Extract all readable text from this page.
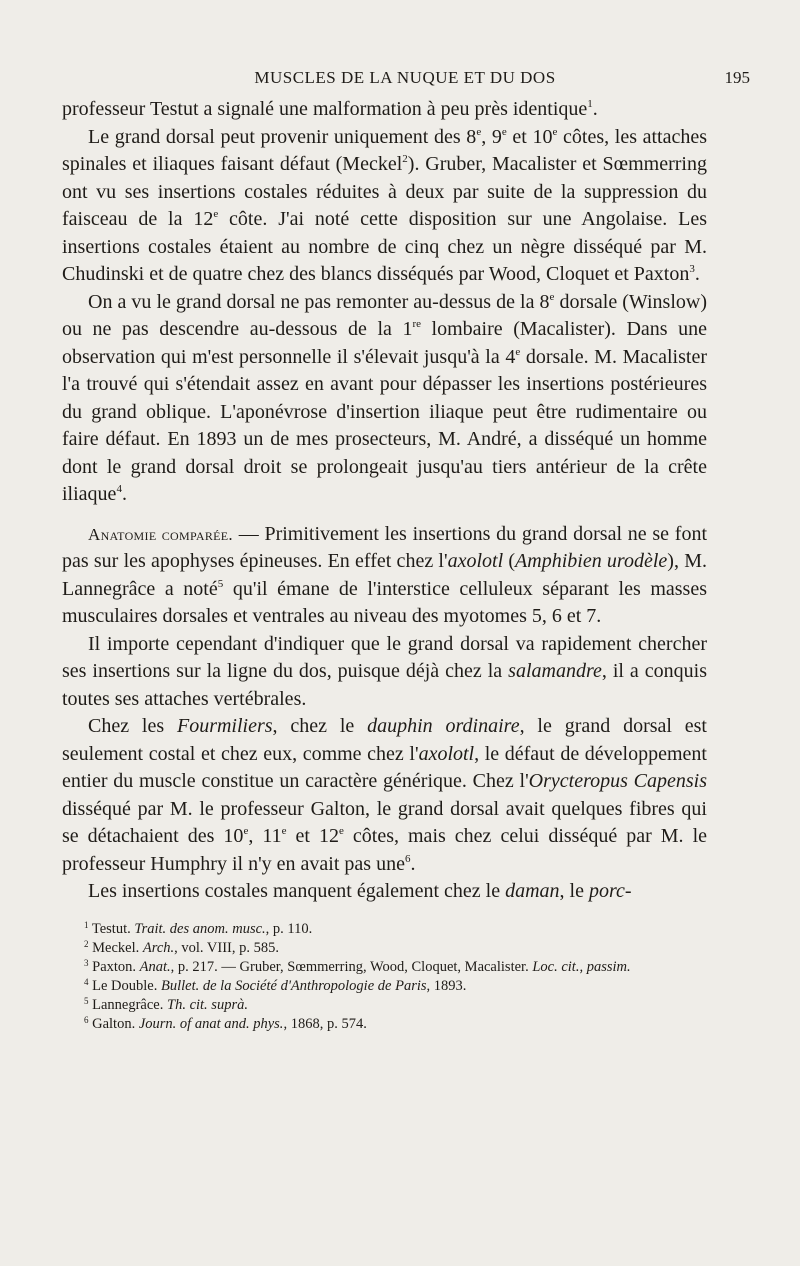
MUSCLES DE LA NUQUE ET DU DOS	195

professeur Testut a signalé une malformation à peu près identique$^1$.

Le grand dorsal peut provenir uniquement des 8e, 9e et 10e côtes, les attaches spinales et iliaques faisant défaut (Meckel$^2$). Gruber, Macalister et Sœmmerring ont vu ses insertions costales réduites à deux par suite de la suppression du faisceau de la 12e côte. J'ai noté cette disposition sur une Angolaise. Les insertions costales étaient au nombre de cinq chez un nègre disséqué par M. Chudinski et de quatre chez des blancs disséqués par Wood, Cloquet et Paxton$^3$.

On a vu le grand dorsal ne pas remonter au-dessus de la 8e dorsale (Winslow) ou ne pas descendre au-dessous de la 1re lombaire (Macalister). Dans une observation qui m'est personnelle il s'élevait jusqu'à la 4e dorsale. M. Macalister l'a trouvé qui s'étendait assez en avant pour dépasser les insertions postérieures du grand oblique. L'aponévrose d'insertion iliaque peut être rudimentaire ou faire défaut. En 1893 un de mes prosecteurs, M. André, a disséqué un homme dont le grand dorsal droit se prolongeait jusqu'au tiers antérieur de la crête iliaque$^4$.

Anatomie comparée. — Primitivement les insertions du grand dorsal ne se font pas sur les apophyses épineuses. En effet chez l'axolotl (Amphibien urodèle), M. Lannegrâce a noté$^5$ qu'il émane de l'interstice celluleux séparant les masses musculaires dorsales et ventrales au niveau des myotomes 5, 6 et 7.

Il importe cependant d'indiquer que le grand dorsal va rapidement chercher ses insertions sur la ligne du dos, puisque déjà chez la salamandre, il a conquis toutes ses attaches vertébrales.

Chez les Fourmiliers, chez le dauphin ordinaire, le grand dorsal est seulement costal et chez eux, comme chez l'axolotl, le défaut de développement entier du muscle constitue un caractère générique. Chez l'Orycteropus Capensis disséqué par M. le professeur Galton, le grand dorsal avait quelques fibres qui se détachaient des 10e, 11e et 12e côtes, mais chez celui disséqué par M. le professeur Humphry il n'y en avait pas une$^6$.

Les insertions costales manquent également chez le daman, le porc-

$^1$ Testut. Trait. des anom. musc., p. 110.

$^2$ Meckel. Arch., vol. VIII, p. 585.

$^3$ Paxton. Anat., p. 217. — Gruber, Sœmmerring, Wood, Cloquet, Macalister. Loc. cit., passim.

$^4$ Le Double. Bullet. de la Société d'Anthropologie de Paris, 1893.

$^5$ Lannegrâce. Th. cit. suprà.

$^6$ Galton. Journ. of anat and. phys., 1868, p. 574.
